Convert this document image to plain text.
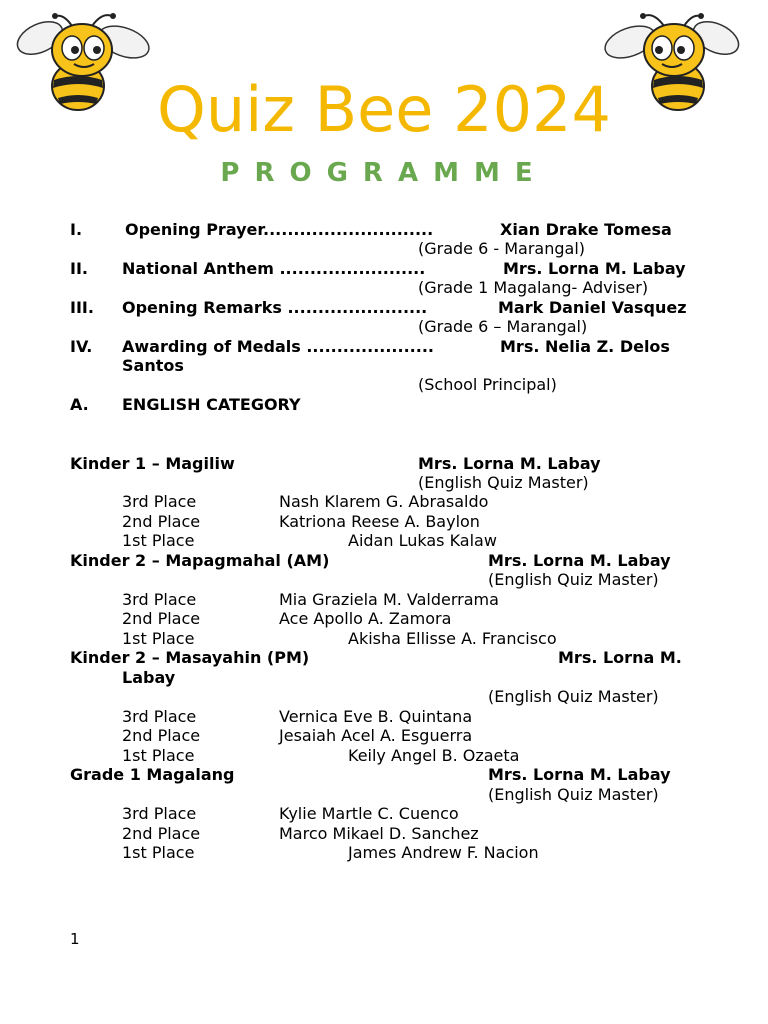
Quiz Bee 2024
PROGRAMME
I.	Opening Prayer............................	Xian Drake Tomesa
(Grade 6 - Marangal)
II. National Anthem ........................	Mrs. Lorna M. Labay
(Grade 1 Magalang- Adviser)
III. Opening Remarks .......................	Mark Daniel Vasquez
(Grade 6 – Marangal)
IV. Awarding of Medals .....................	Mrs. Nelia Z. Delos
Santos
(School Principal)
A. ENGLISH CATEGORY
Kinder 1 – Magiliw	Mrs. Lorna M. Labay
(English Quiz Master)
3rd Place	Nash Klarem G. Abrasaldo
2nd Place	Katriona Reese A. Baylon
1st Place	Aidan Lukas Kalaw
Kinder 2 – Mapagmahal (AM)	Mrs. Lorna M. Labay
(English Quiz Master)
3rd Place	Mia Graziela M. Valderrama
2nd Place	Ace Apollo A. Zamora
1st Place	Akisha Ellisse A. Francisco
Kinder 2 – Masayahin (PM)	Mrs. Lorna M.
Labay
(English Quiz Master)
3rd Place	Vernica Eve B. Quintana
2nd Place	Jesaiah Acel A. Esguerra
1st Place	Keily Angel B. Ozaeta
Grade 1 Magalang	Mrs. Lorna M. Labay
(English Quiz Master)
3rd Place	Kylie Martle C. Cuenco
2nd Place	Marco Mikael D. Sanchez
1st Place	James Andrew F. Nacion
1
